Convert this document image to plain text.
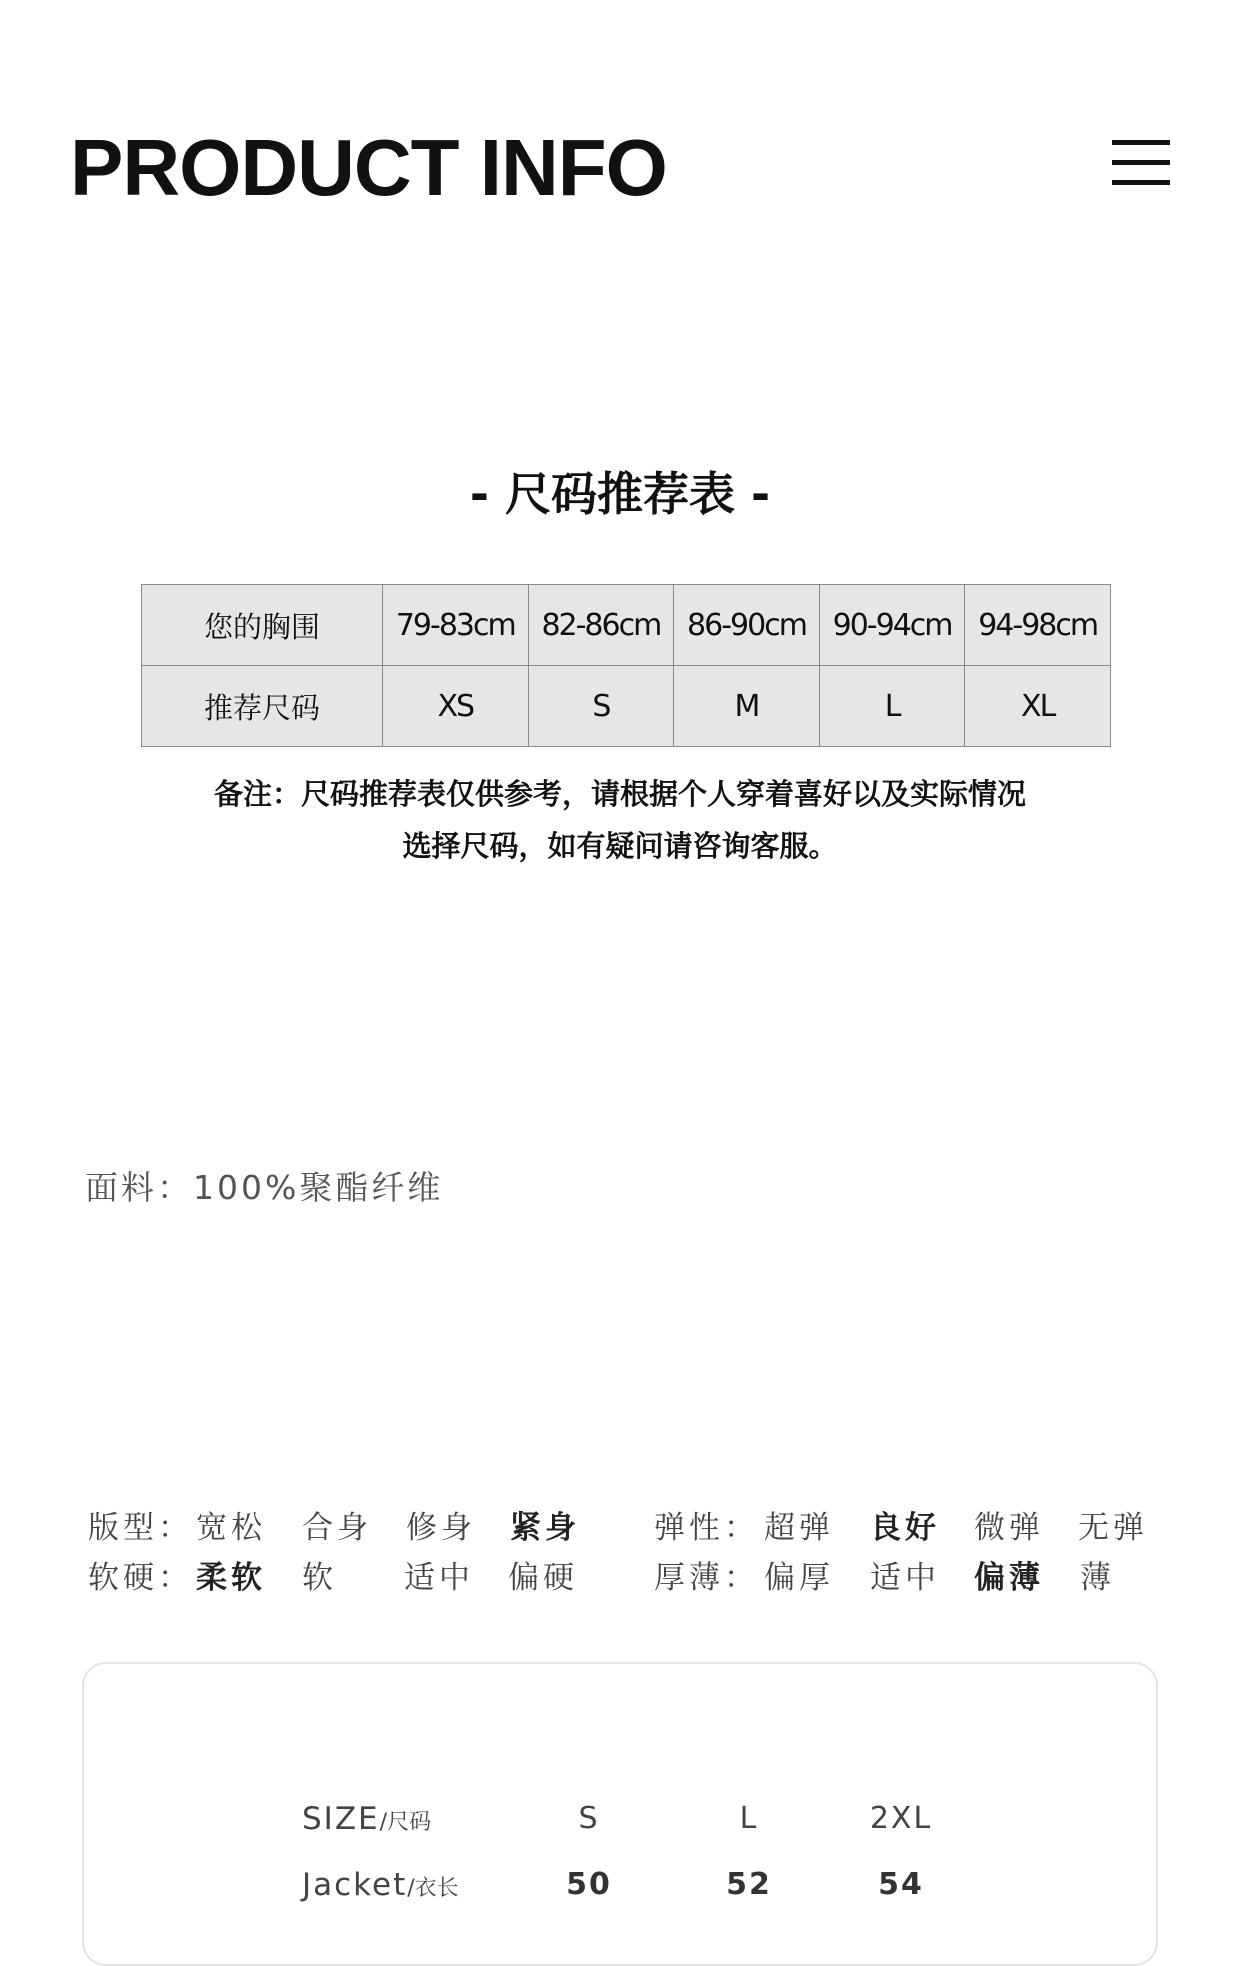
PRODUCT INFO
- 尺码推荐表 -
您的胸围	79-83cm	82-86cm	86-90cm	90-94cm	94-98cm
推荐尺码	XS	S	M	L	XL
备注：尺码推荐表仅供参考，请根据个人穿着喜好以及实际情况
选择尺码，如有疑问请咨询客服。
面料：100%聚酯纤维
版型： 宽松 合身 修身 紧身 弹性： 超弹 良好 微弹 无弹
软硬： 柔软 软 适中 偏硬 厚薄： 偏厚 适中 偏薄 薄
SIZE/尺码	S	L	2XL
Jacket/衣长	50	52	54
